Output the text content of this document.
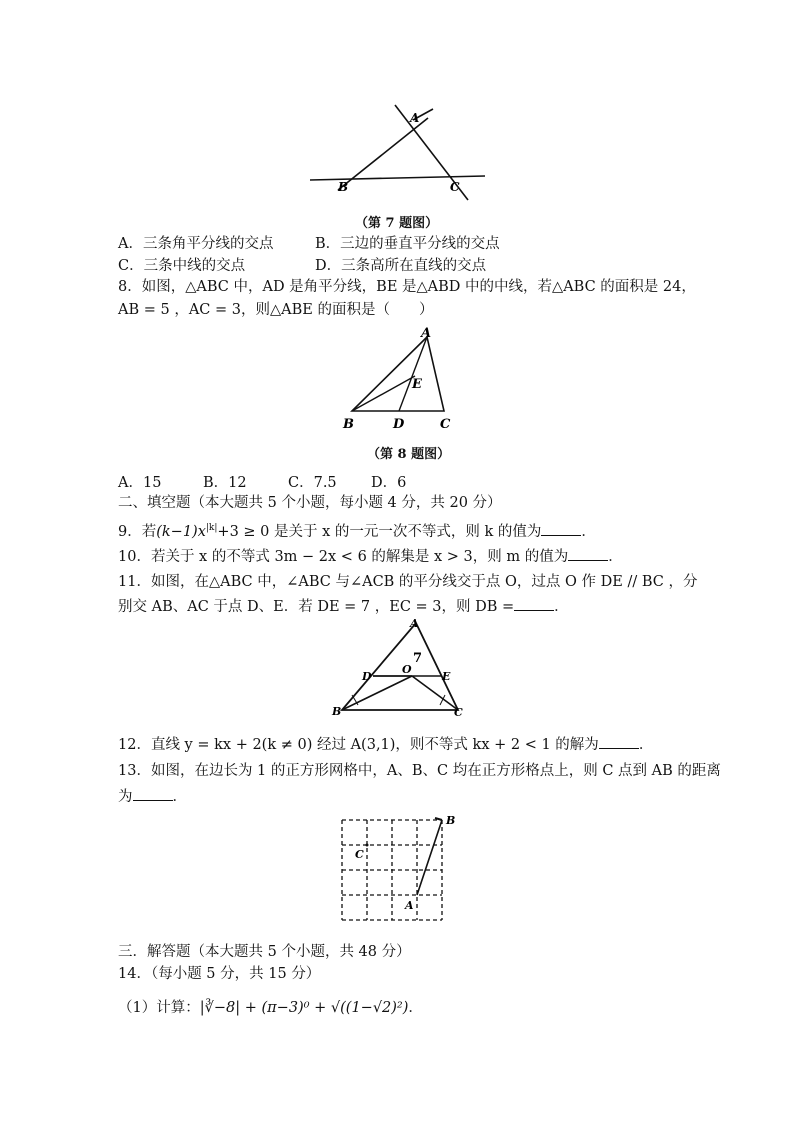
A
B	C
（第 7 题图）
A．三条角平分线的交点	B．三边的垂直平分线的交点
C．三条中线的交点	D．三条高所在直线的交点
8．如图，△ABC 中，AD 是角平分线，BE 是△ABD 中的中线，若△ABC 的面积是 24，
AB = 5 ，AC = 3，则△ABE 的面积是（　　）
A
B	C
D
E
（第 8 题图）
A．15	B．12	C．7.5 D．6
二、填空题（本大题共 5 个小题，每小题 4 分，共 20 分）
9．若$(k-1)x^{|k|}+3 \ge 0$ 是关于 x 的一元一次不等式，则 k 的值为	．
10．若关于 x 的不等式 3m − 2x < 6 的解集是 x > 3，则 m 的值为	．
11．如图，在△ABC 中，∠ABC 与∠ACB 的平分线交于点 O，过点 O 作 DE // BC ，分
别交 AB、AC 于点 D、E．若 DE = 7 ，EC = 3，则 DB =	．
A
B	C
D	E
O
7
12．直线 y = kx + 2(k ≠ 0) 经过 A(3,1)，则不等式 kx + 2 < 1 的解为	．
13．如图，在边长为 1 的正方形网格中，A、B、C 均在正方形格点上，则 C 点到 AB 的距离
为	．
A
B
C
三．解答题（本大题共 5 个小题，共 48 分）
14．（每小题 5 分，共 15 分）
（1）计算：|∛−8| + (π−3)⁰ + √((1−√2)²)．
